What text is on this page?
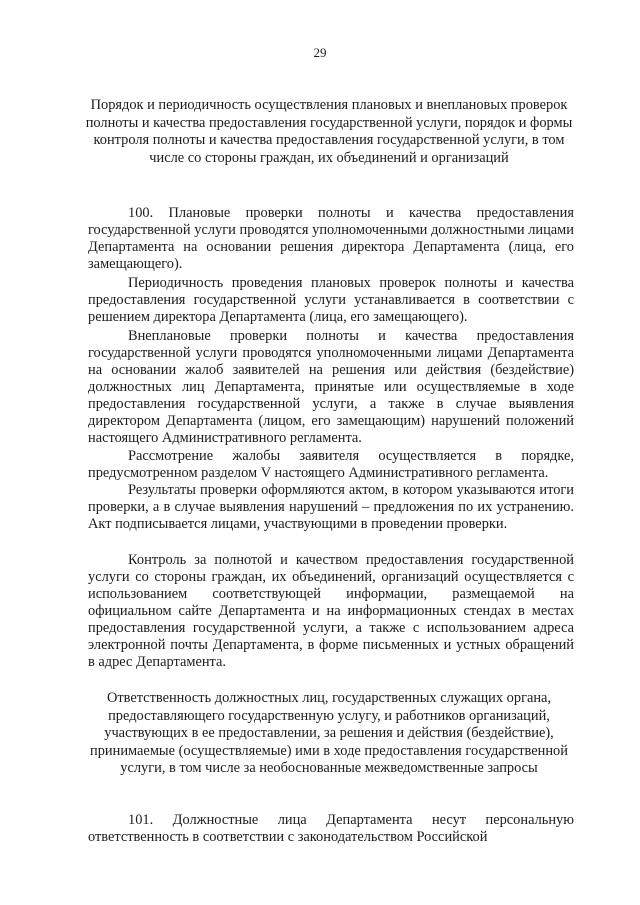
29
Порядок и периодичность осуществления плановых и внеплановых проверок полноты и качества предоставления государственной услуги, порядок и формы контроля полноты и качества предоставления государственной услуги, в том числе со стороны граждан, их объединений и организаций

100. Плановые проверки полноты и качества предоставления государственной услуги проводятся уполномоченными должностными лицами Департамента на основании решения директора Департамента (лица, его замещающего).

Периодичность проведения плановых проверок полноты и качества предоставления государственной услуги устанавливается в соответствии с решением директора Департамента (лица, его замещающего).

Внеплановые проверки полноты и качества предоставления государственной услуги проводятся уполномоченными лицами Департамента на основании жалоб заявителей на решения или действия (бездействие) должностных лиц Департамента, принятые или осуществляемые в ходе предоставления государственной услуги, а также в случае выявления директором Департамента (лицом, его замещающим) нарушений положений настоящего Административного регламента.

Рассмотрение жалобы заявителя осуществляется в порядке, предусмотренном разделом V настоящего Административного регламента.

Результаты проверки оформляются актом, в котором указываются итоги проверки, а в случае выявления нарушений – предложения по их устранению. Акт подписывается лицами, участвующими в проведении проверки.

Контроль за полнотой и качеством предоставления государственной услуги со стороны граждан, их объединений, организаций осуществляется с использованием соответствующей информации, размещаемой на официальном сайте Департамента и на информационных стендах в местах предоставления государственной услуги, а также с использованием адреса электронной почты Департамента, в форме письменных и устных обращений в адрес Департамента.

Ответственность должностных лиц, государственных служащих органа, предоставляющего государственную услугу, и работников организаций, участвующих в ее предоставлении, за решения и действия (бездействие), принимаемые (осуществляемые) ими в ходе предоставления государственной услуги, в том числе за необоснованные межведомственные запросы

101. Должностные лица Департамента несут персональную ответственность в соответствии с законодательством Российской
